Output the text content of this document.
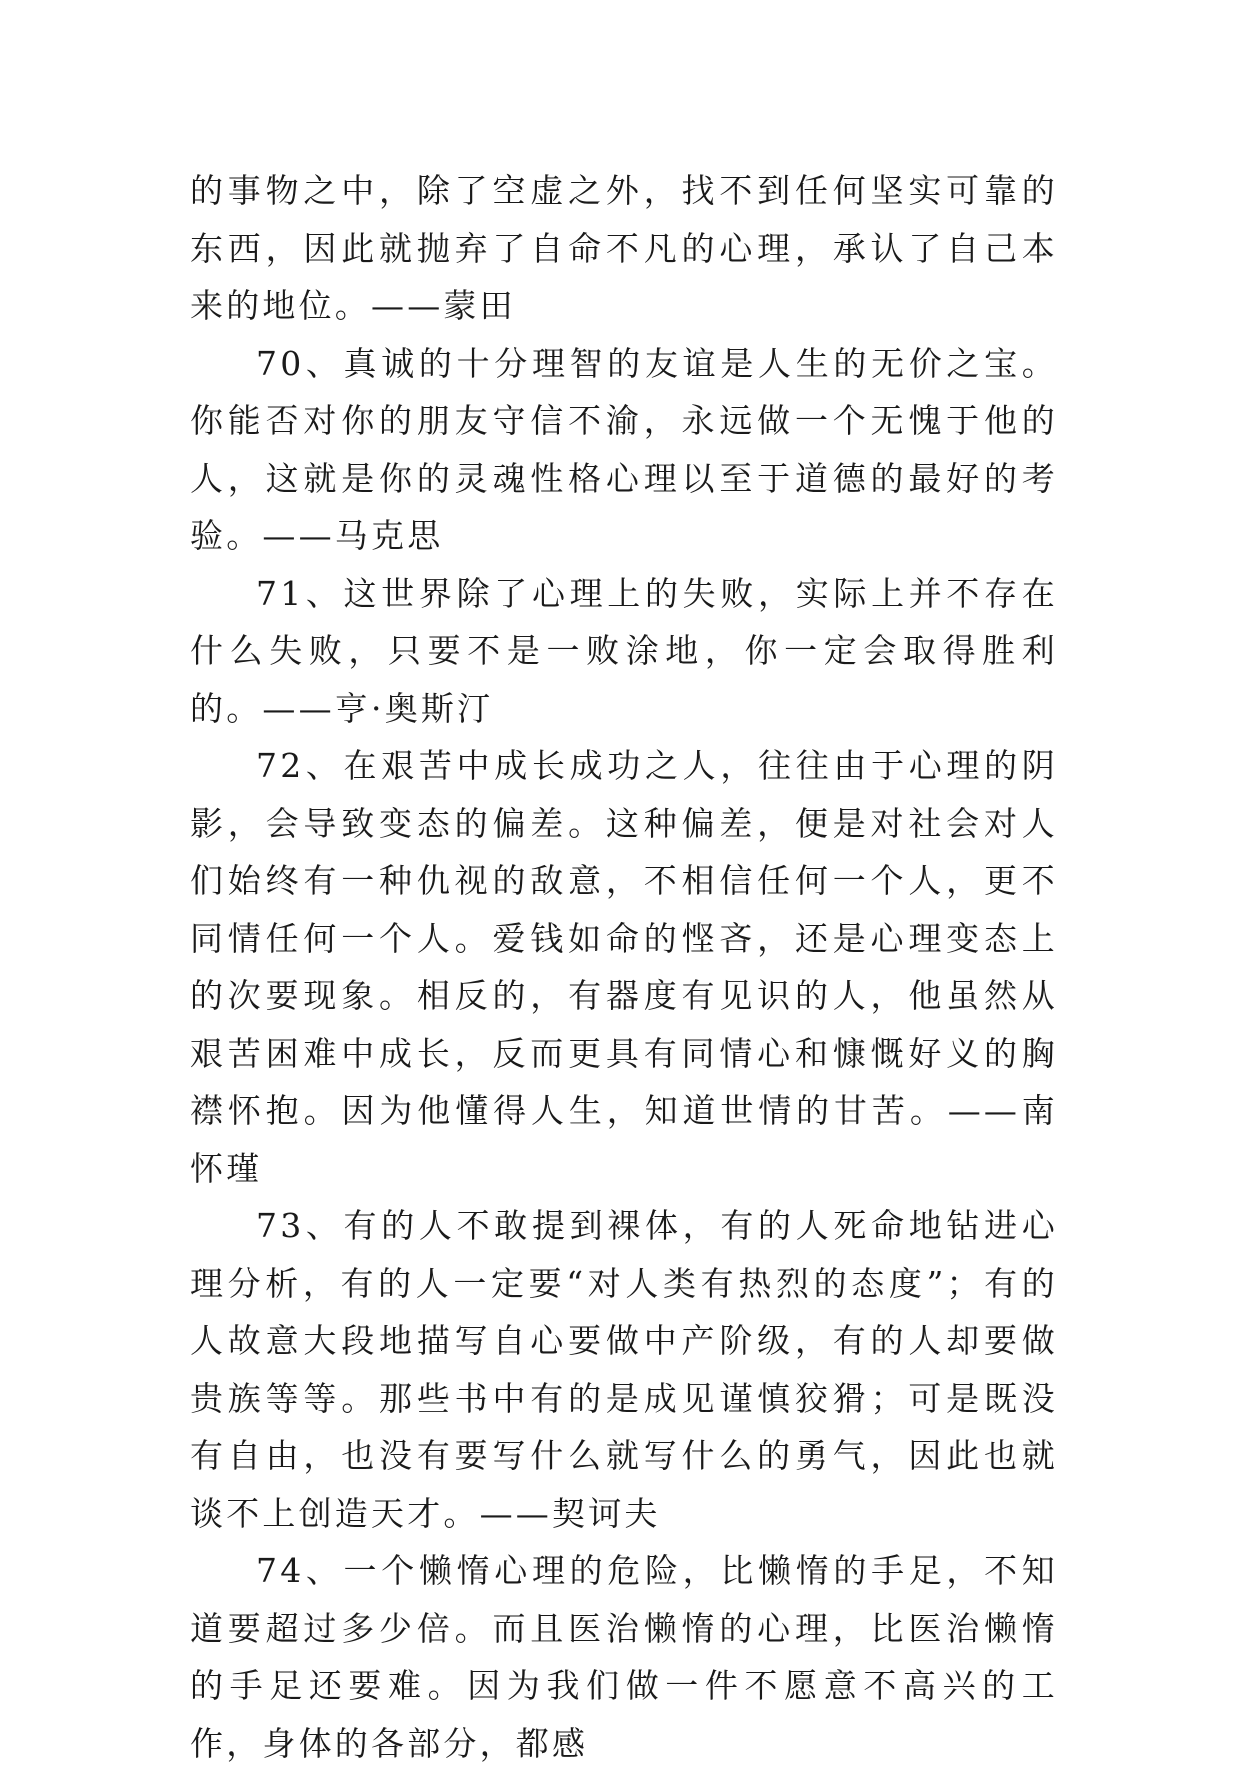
的事物之中，除了空虚之外，找不到任何坚实可靠的东西，因此就抛弃了自命不凡的心理，承认了自己本来的地位。——蒙田

70、真诚的十分理智的友谊是人生的无价之宝。你能否对你的朋友守信不渝，永远做一个无愧于他的人，这就是你的灵魂性格心理以至于道德的最好的考验。——马克思

71、这世界除了心理上的失败，实际上并不存在什么失败，只要不是一败涂地，你一定会取得胜利的。——亨·奥斯汀

72、在艰苦中成长成功之人，往往由于心理的阴影，会导致变态的偏差。这种偏差，便是对社会对人们始终有一种仇视的敌意，不相信任何一个人，更不同情任何一个人。爱钱如命的悭吝，还是心理变态上的次要现象。相反的，有器度有见识的人，他虽然从艰苦困难中成长，反而更具有同情心和慷慨好义的胸襟怀抱。因为他懂得人生，知道世情的甘苦。——南怀瑾

73、有的人不敢提到裸体，有的人死命地钻进心理分析，有的人一定要“对人类有热烈的态度”；有的人故意大段地描写自心要做中产阶级，有的人却要做贵族等等。那些书中有的是成见谨慎狡猾；可是既没有自由，也没有要写什么就写什么的勇气，因此也就谈不上创造天才。——契诃夫

74、一个懒惰心理的危险，比懒惰的手足，不知道要超过多少倍。而且医治懒惰的心理，比医治懒惰的手足还要难。因为我们做一件不愿意不高兴的工作，身体的各部分，都感
